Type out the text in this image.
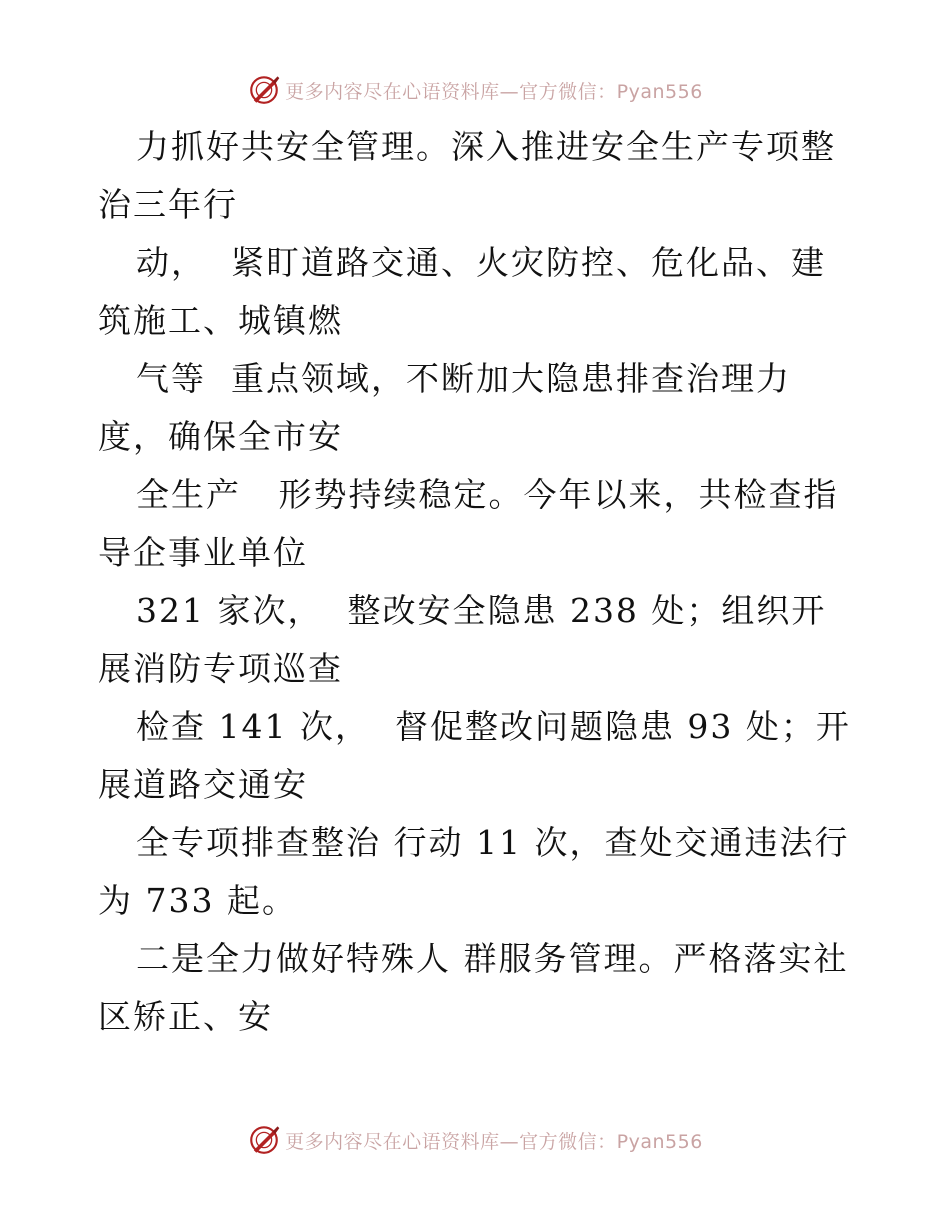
更多内容尽在心语资料库—官方微信：Pyan556

力抓好共安全管理。深入推进安全生产专项整治三年行

动，  紧盯道路交通、火灾防控、危化品、建筑施工、城镇燃

气等  重点领域，不断加大隐患排查治理力度，确保全市安

全生产   形势持续稳定。今年以来，共检查指导企事业单位

321 家次，  整改安全隐患 238 处；组织开展消防专项巡查

检查 141 次，  督促整改问题隐患 93 处；开展道路交通安

全专项排查整治 行动 11 次，查处交通违法行为 733 起。

二是全力做好特殊人 群服务管理。严格落实社区矫正、安

更多内容尽在心语资料库—官方微信：Pyan556
